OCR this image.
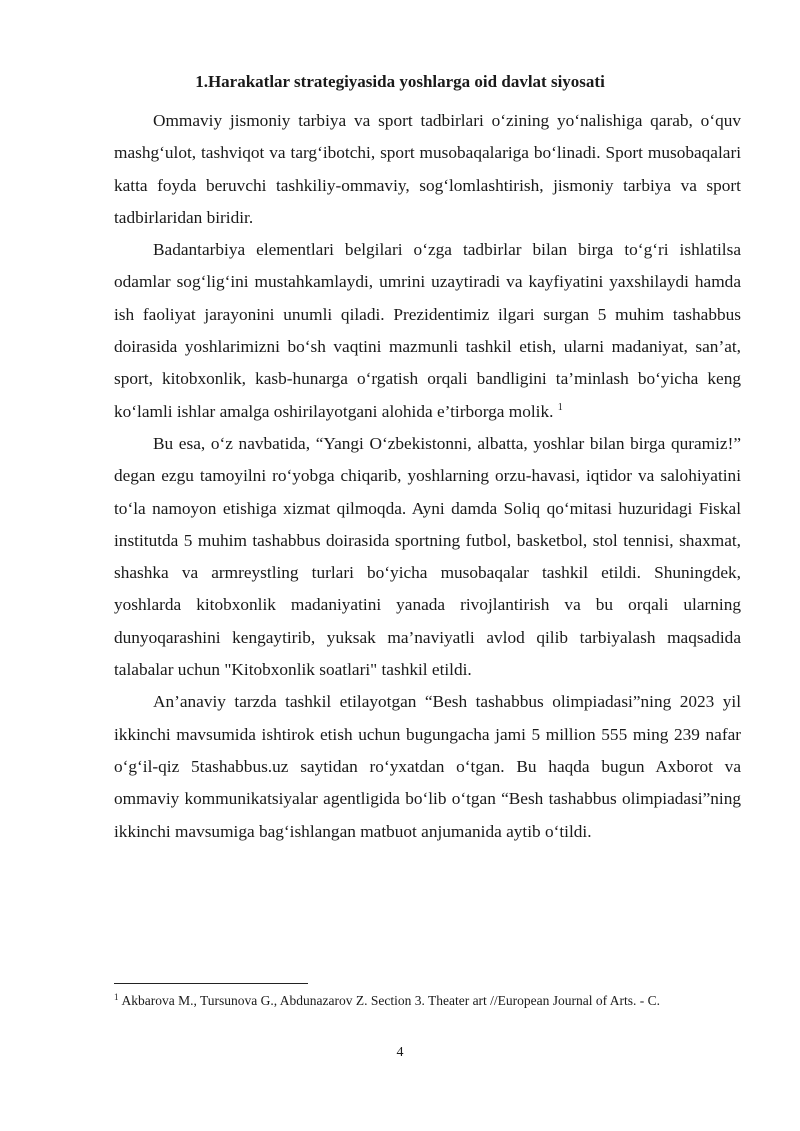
1.Harakatlar strategiyasida yoshlarga oid davlat siyosati

Ommaviy jismoniy tarbiya va sport tadbirlari o‘zining yo‘nalishiga qarab, o‘quv mashg‘ulot, tashviqot va targ‘ibotchi, sport musobaqalariga bo‘linadi. Sport musobaqalari katta foyda beruvchi tashkiliy-ommaviy, sog‘lomlashtirish, jismoniy tarbiya va sport tadbirlaridan biridir.

Badantarbiya elementlari belgilari o‘zga tadbirlar bilan birga to‘g‘ri ishlatilsa odamlar sog‘lig‘ini mustahkamlaydi, umrini uzaytiradi va kayfiyatini yaxshilaydi hamda ish faoliyat jarayonini unumli qiladi. Prezidentimiz ilgari surgan 5 muhim tashabbus doirasida yoshlarimizni bo‘sh vaqtini mazmunli tashkil etish, ularni madaniyat, san’at, sport, kitobxonlik, kasb-hunarga o‘rgatish orqali bandligini ta’minlash bo‘yicha keng ko‘lamli ishlar amalga oshirilayotgani alohida e’tirborga molik. $^1$

Bu esa, o‘z navbatida, “Yangi O‘zbekistonni, albatta, yoshlar bilan birga quramiz!” degan ezgu tamoyilni ro‘yobga chiqarib, yoshlarning orzu-havasi, iqtidor va salohiyatini to‘la namoyon etishiga xizmat qilmoqda. Ayni damda Soliq qo‘mitasi huzuridagi Fiskal institutda 5 muhim tashabbus doirasida sportning futbol, basketbol, stol tennisi, shaxmat, shashka va armreystling turlari bo‘yicha musobaqalar tashkil etildi. Shuningdek, yoshlarda kitobxonlik madaniyatini yanada rivojlantirish va bu orqali ularning dunyoqarashini kengaytirib, yuksak ma’naviyatli avlod qilib tarbiyalash maqsadida talabalar uchun "Kitobxonlik soatlari" tashkil etildi.

An’anaviy tarzda tashkil etilayotgan “Besh tashabbus olimpiadasi”ning 2023 yil ikkinchi mavsumida ishtirok etish uchun bugungacha jami 5 million 555 ming 239 nafar o‘g‘il-qiz 5tashabbus.uz saytidan ro‘yxatdan o‘tgan. Bu haqda bugun Axborot va ommaviy kommunikatsiyalar agentligida bo‘lib o‘tgan “Besh tashabbus olimpiadasi”ning ikkinchi mavsumiga bag‘ishlangan matbuot anjumanida aytib o‘tildi.

$^1$ Akbarova M., Tursunova G., Abdunazarov Z. Section 3. Theater art //European Journal of Arts. - C.
4
